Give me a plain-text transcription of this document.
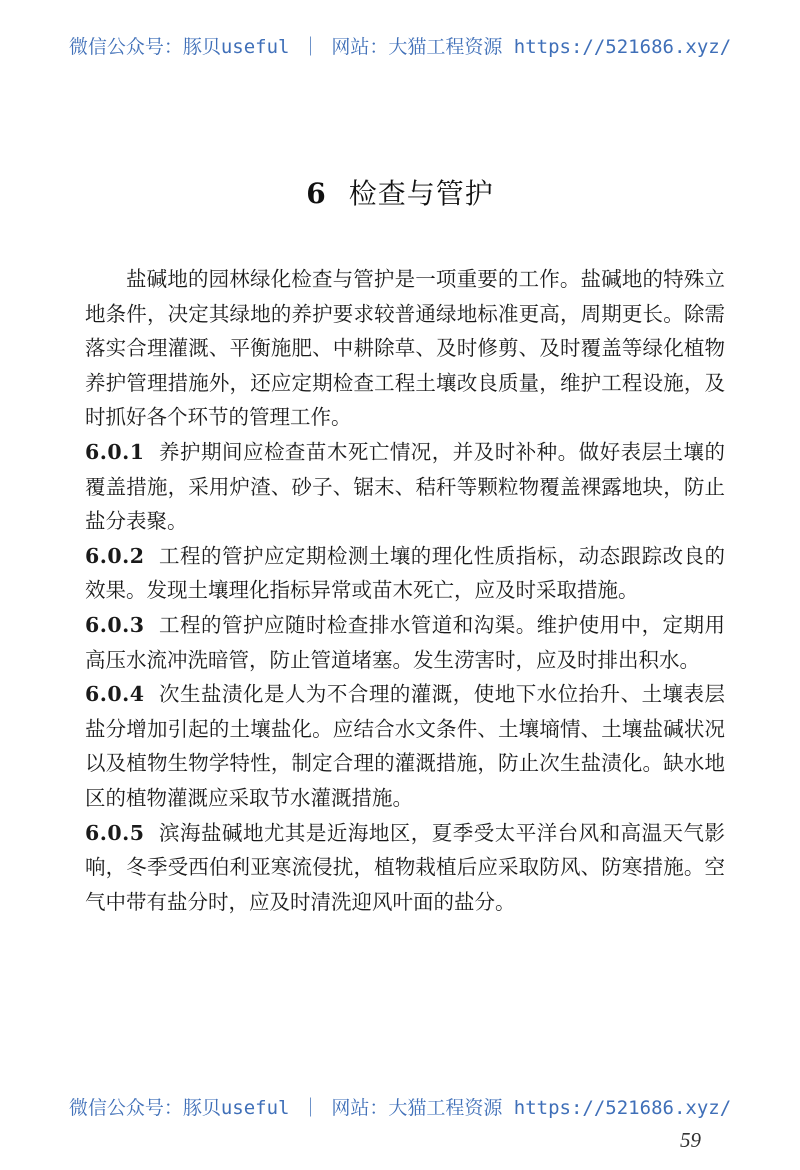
微信公众号：豚贝useful ｜ 网站：大猫工程资源 https://521686.xyz/
6 检查与管护

盐碱地的园林绿化检查与管护是一项重要的工作。盐碱地的特殊立地条件，决定其绿地的养护要求较普通绿地标准更高，周期更长。除需落实合理灌溉、平衡施肥、中耕除草、及时修剪、及时覆盖等绿化植物养护管理措施外，还应定期检查工程土壤改良质量，维护工程设施，及时抓好各个环节的管理工作。

6.0.1 养护期间应检查苗木死亡情况，并及时补种。做好表层土壤的覆盖措施，采用炉渣、砂子、锯末、秸秆等颗粒物覆盖裸露地块，防止盐分表聚。

6.0.2 工程的管护应定期检测土壤的理化性质指标，动态跟踪改良的效果。发现土壤理化指标异常或苗木死亡，应及时采取措施。

6.0.3 工程的管护应随时检查排水管道和沟渠。维护使用中，定期用高压水流冲洗暗管，防止管道堵塞。发生涝害时，应及时排出积水。

6.0.4 次生盐渍化是人为不合理的灌溉，使地下水位抬升、土壤表层盐分增加引起的土壤盐化。应结合水文条件、土壤墒情、土壤盐碱状况以及植物生物学特性，制定合理的灌溉措施，防止次生盐渍化。缺水地区的植物灌溉应采取节水灌溉措施。

6.0.5 滨海盐碱地尤其是近海地区，夏季受太平洋台风和高温天气影响，冬季受西伯利亚寒流侵扰，植物栽植后应采取防风、防寒措施。空气中带有盐分时，应及时清洗迎风叶面的盐分。

微信公众号：豚贝useful ｜ 网站：大猫工程资源 https://521686.xyz/
59
